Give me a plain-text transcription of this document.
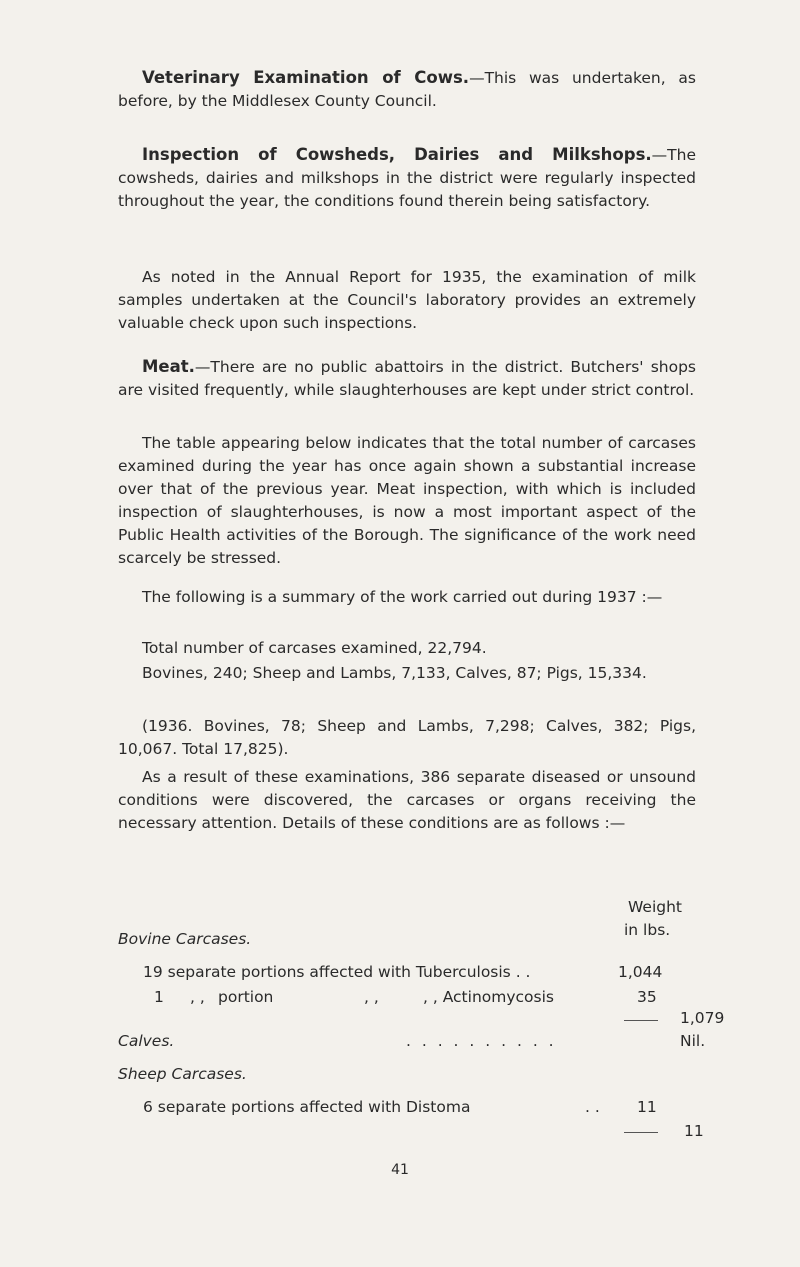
Veterinary Examination of Cows.—This was undertaken, as before, by the Middlesex County Council.

Inspection of Cowsheds, Dairies and Milkshops.—The cowsheds, dairies and milkshops in the district were regularly inspected throughout the year, the conditions found therein being satisfactory.

As noted in the Annual Report for 1935, the examination of milk samples undertaken at the Council's laboratory provides an extremely valuable check upon such inspections.

Meat.—There are no public abattoirs in the district. Butchers' shops are visited frequently, while slaughterhouses are kept under strict control.

The table appearing below indicates that the total number of carcases examined during the year has once again shown a substantial increase over that of the previous year. Meat inspection, with which is included inspection of slaughterhouses, is now a most important aspect of the Public Health activities of the Borough. The significance of the work need scarcely be stressed.

The following is a summary of the work carried out during 1937 :—

Total number of carcases examined, 22,794.

Bovines, 240; Sheep and Lambs, 7,133, Calves, 87; Pigs, 15,334.

(1936. Bovines, 78; Sheep and Lambs, 7,298; Calves, 382; Pigs, 10,067. Total 17,825).

As a result of these examinations, 386 separate diseased or unsound conditions were discovered, the carcases or organs receiving the necessary attention. Details of these conditions are as follows :—

Weight
in lbs.
Bovine Carcases.
19 separate portions affected with Tuberculosis . .	1,044
1 , , portion	, ,	, , Actinomycosis	35
1,079
Calves.	. . . . . . . . . .	Nil.
Sheep Carcases.
6 separate portions affected with Distoma	. . 11
11
41
